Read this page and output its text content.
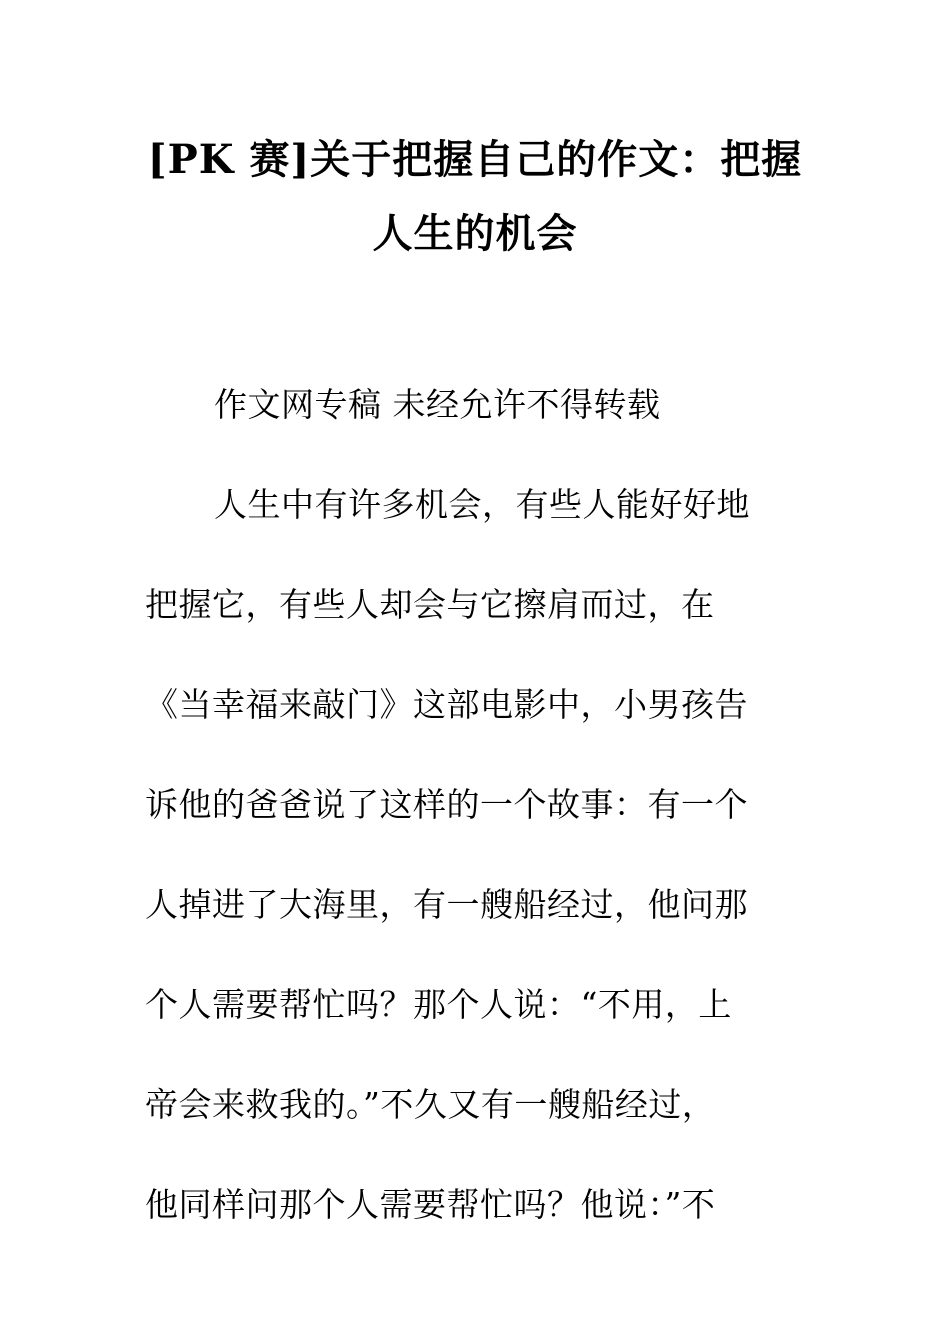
[PK 赛]关于把握自己的作文：把握
人生的机会
作文网专稿 未经允许不得转载
人生中有许多机会，有些人能好好地
把握它，有些人却会与它擦肩而过，在
《当幸福来敲门》这部电影中，小男孩告
诉他的爸爸说了这样的一个故事：有一个
人掉进了大海里，有一艘船经过，他问那
个人需要帮忙吗？那个人说：“不用，上
帝会来救我的。”不久又有一艘船经过，
他同样问那个人需要帮忙吗？他说：”不
